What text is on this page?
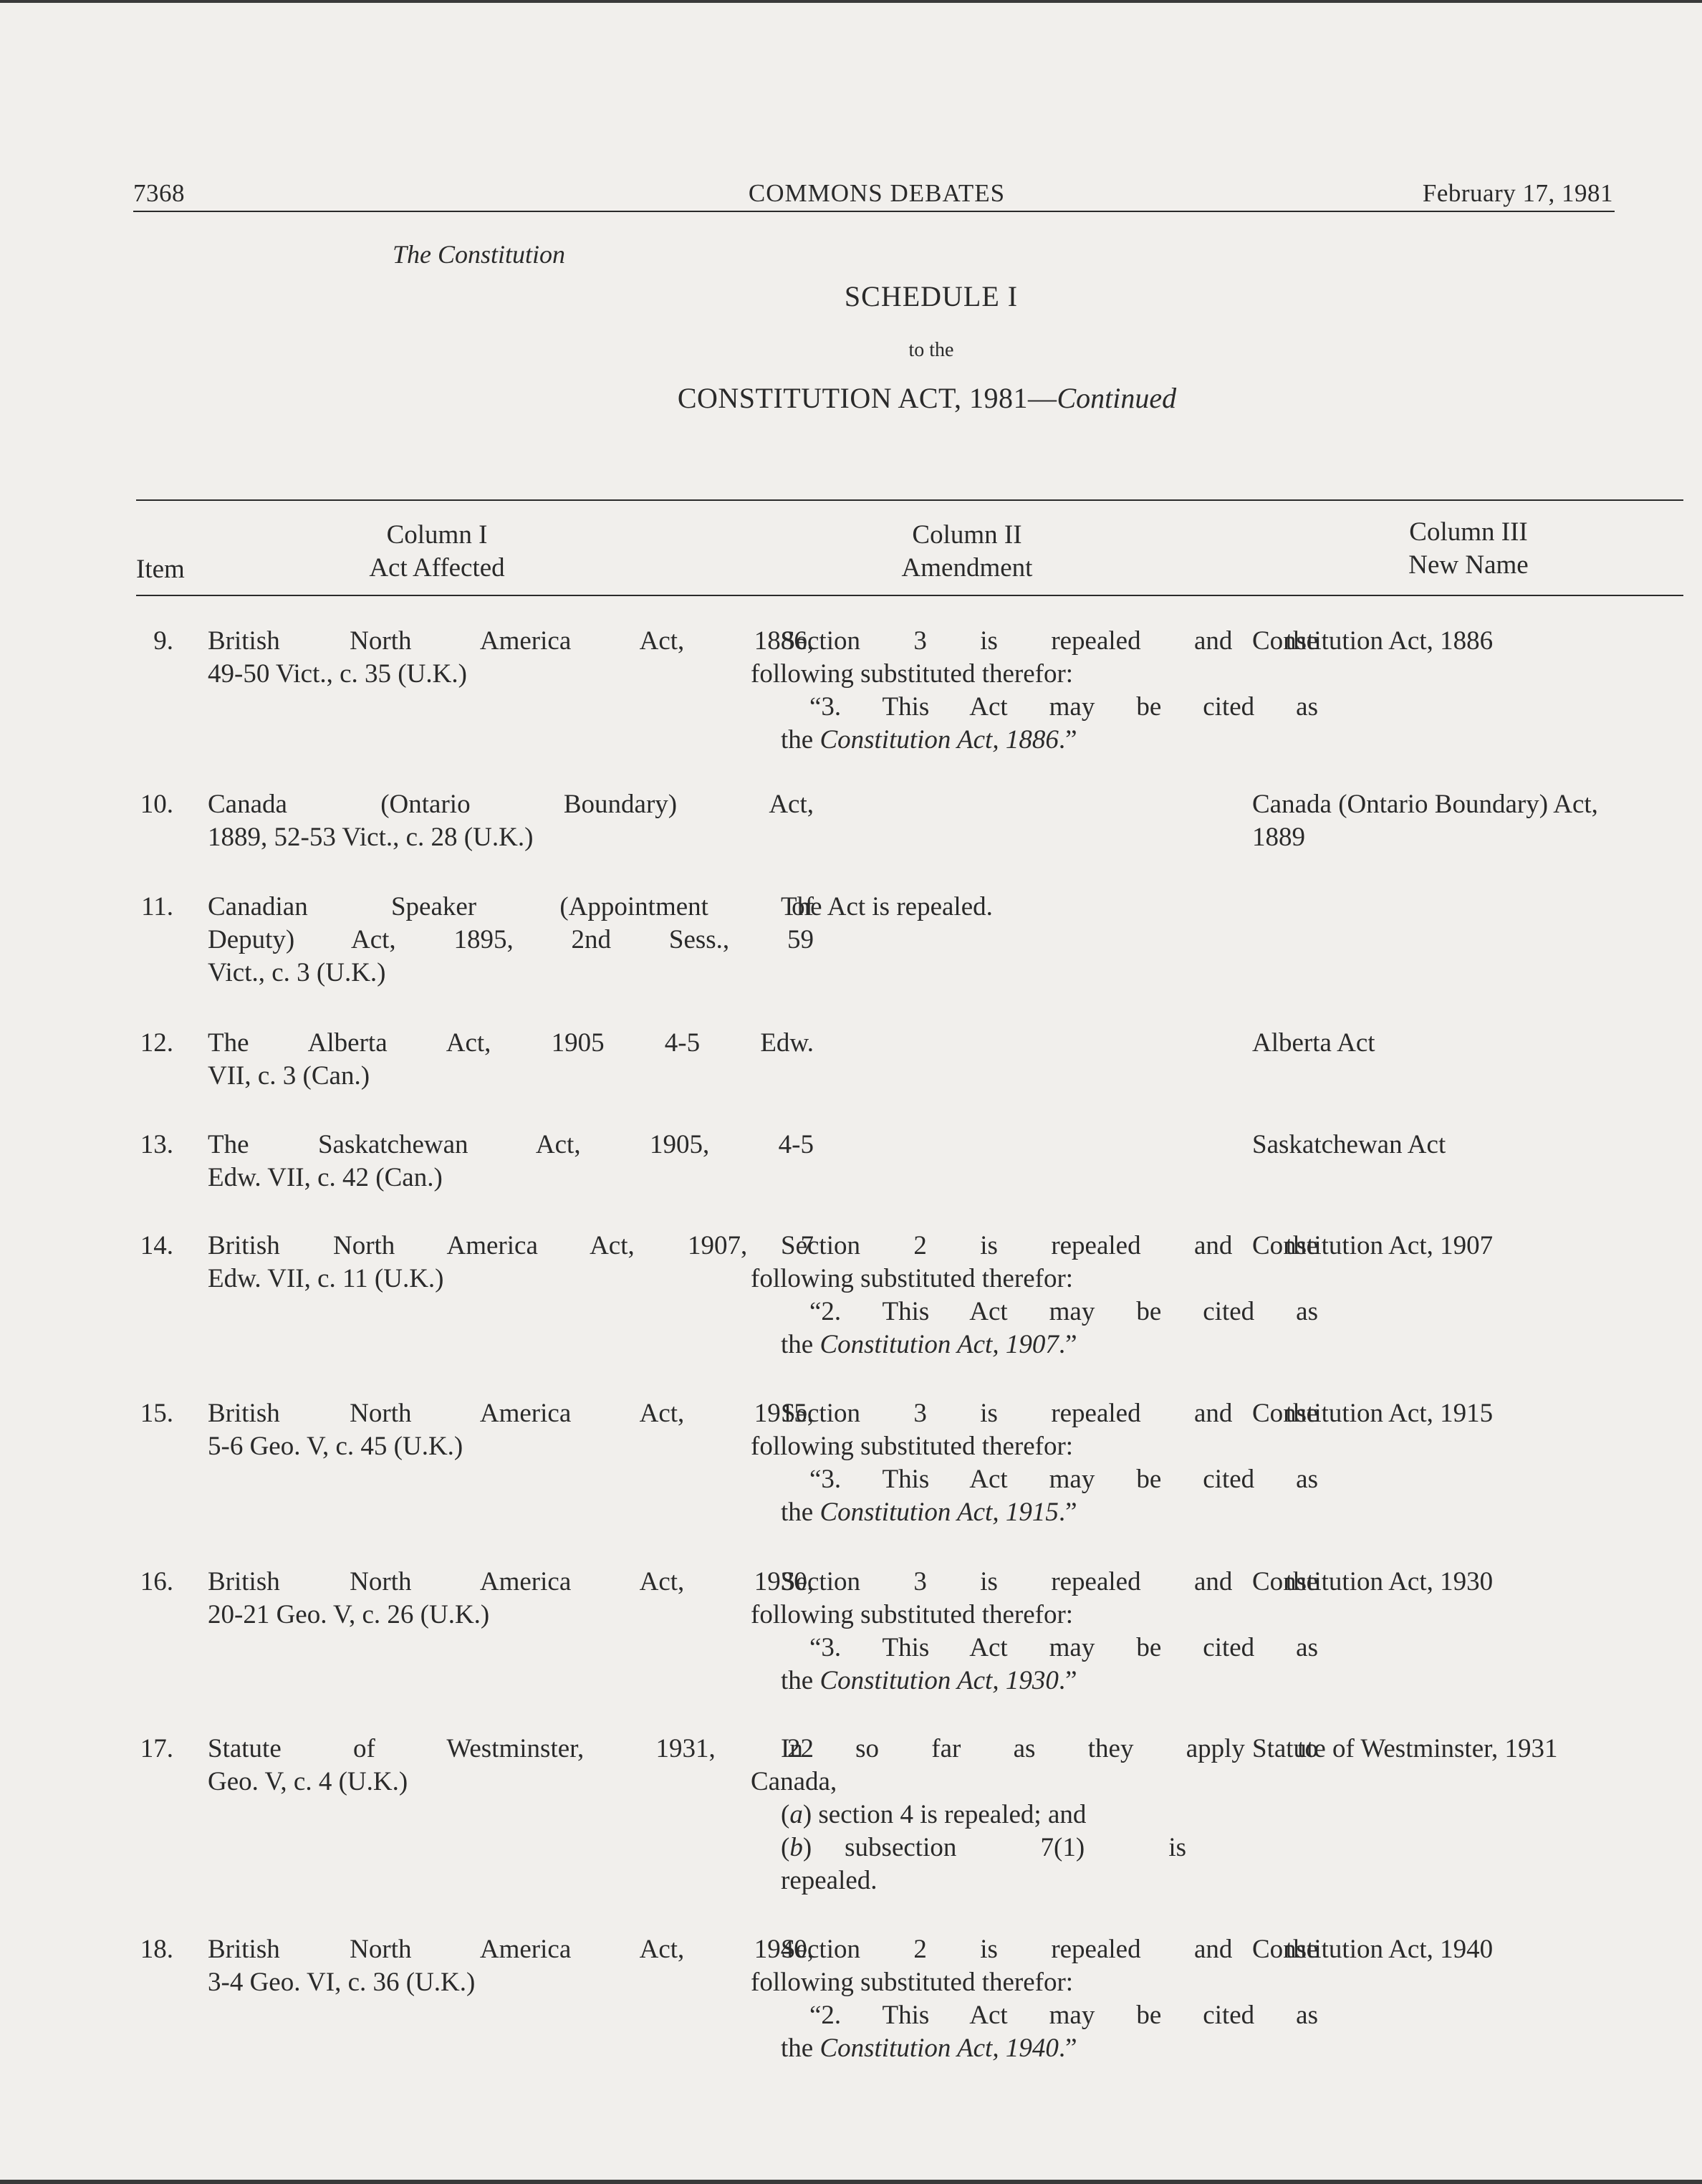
7368	COMMONS DEBATES	February 17, 1981
The Constitution
SCHEDULE I
to the
CONSTITUTION ACT, 1981—Continued
Item
Column I
Act Affected
Column II
Amendment
Column III
New Name
9. British North America Act, 1886,
49-50 Vict., c. 35 (U.K.)
Section 3 is repealed and the
following substituted therefor:
“3. This Act may be cited as
the Constitution Act, 1886.”
Constitution Act, 1886
10. Canada (Ontario Boundary) Act,
1889, 52-53 Vict., c. 28 (U.K.)
Canada (Ontario Boundary) Act,
1889
11. Canadian Speaker (Appointment of
Deputy) Act, 1895, 2nd Sess., 59
Vict., c. 3 (U.K.)
The Act is repealed.
12. The Alberta Act, 1905 4-5 Edw.
VII, c. 3 (Can.)
Alberta Act
13. The Saskatchewan Act, 1905, 4-5
Edw. VII, c. 42 (Can.)
Saskatchewan Act
14. British North America Act, 1907, 7
Edw. VII, c. 11 (U.K.)
Section 2 is repealed and the
following substituted therefor:
“2. This Act may be cited as
the Constitution Act, 1907.”
Constitution Act, 1907
15. British North America Act, 1915,
5-6 Geo. V, c. 45 (U.K.)
Section 3 is repealed and the
following substituted therefor:
“3. This Act may be cited as
the Constitution Act, 1915.”
Constitution Act, 1915
16. British North America Act, 1930,
20-21 Geo. V, c. 26 (U.K.)
Section 3 is repealed and the
following substituted therefor:
“3. This Act may be cited as
the Constitution Act, 1930.”
Constitution Act, 1930
17. Statute of Westminster, 1931, 22
Geo. V, c. 4 (U.K.)
In so far as they apply to
Canada,
(a) section 4 is repealed; and
(b) subsection 7(1) is
repealed.
Statute of Westminster, 1931
18. British North America Act, 1940,
3-4 Geo. VI, c. 36 (U.K.)
Section 2 is repealed and the
following substituted therefor:
“2. This Act may be cited as
the Constitution Act, 1940.”
Constitution Act, 1940
